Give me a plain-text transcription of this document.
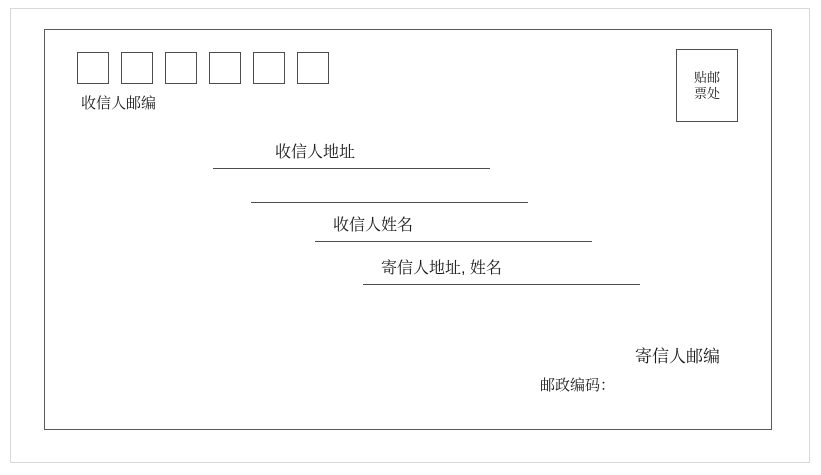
收信人邮编
贴邮票处
收信人地址
收信人姓名
寄信人地址, 姓名
寄信人邮编
邮政编码：
